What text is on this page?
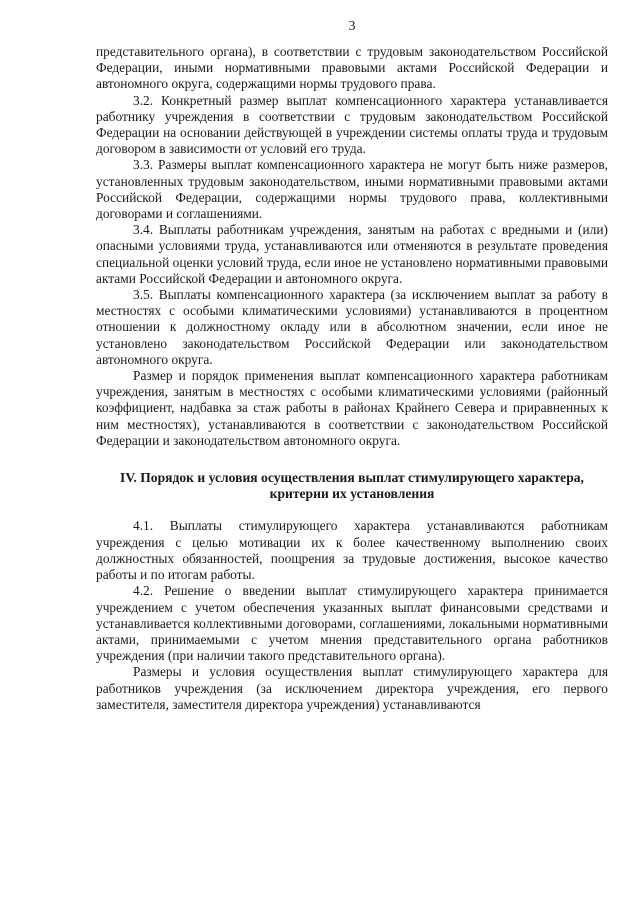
3

представительного органа), в соответствии с трудовым законодательством Российской Федерации, иными нормативными правовыми актами Российской Федерации и автономного округа, содержащими нормы трудового права.

3.2. Конкретный размер выплат компенсационного характера устанавливается работнику учреждения в соответствии с трудовым законодательством Российской Федерации на основании действующей в учреждении системы оплаты труда и трудовым договором в зависимости от условий его труда.

3.3. Размеры выплат компенсационного характера не могут быть ниже размеров, установленных трудовым законодательством, иными нормативными правовыми актами Российской Федерации, содержащими нормы трудового права, коллективными договорами и соглашениями.

3.4. Выплаты работникам учреждения, занятым на работах с вредными и (или) опасными условиями труда, устанавливаются или отменяются в результате проведения специальной оценки условий труда, если иное не установлено нормативными правовыми актами Российской Федерации и автономного округа.

3.5. Выплаты компенсационного характера (за исключением выплат за работу в местностях с особыми климатическими условиями) устанавливаются в процентном отношении к должностному окладу или в абсолютном значении, если иное не установлено законодательством Российской Федерации или законодательством автономного округа.

Размер и порядок применения выплат компенсационного характера работникам учреждения, занятым в местностях с особыми климатическими условиями (районный коэффициент, надбавка за стаж работы в районах Крайнего Севера и приравненных к ним местностях), устанавливаются в соответствии с законодательством Российской Федерации и законодательством автономного округа.

IV. Порядок и условия осуществления выплат стимулирующего характера, критерии их установления

4.1. Выплаты стимулирующего характера устанавливаются работникам учреждения с целью мотивации их к более качественному выполнению своих должностных обязанностей, поощрения за трудовые достижения, высокое качество работы и по итогам работы.

4.2. Решение о введении выплат стимулирующего характера принимается учреждением с учетом обеспечения указанных выплат финансовыми средствами и устанавливается коллективными договорами, соглашениями, локальными нормативными актами, принимаемыми с учетом мнения представительного органа работников учреждения (при наличии такого представительного органа).

Размеры и условия осуществления выплат стимулирующего характера для работников учреждения (за исключением директора учреждения, его первого заместителя, заместителя директора учреждения) устанавливаются
